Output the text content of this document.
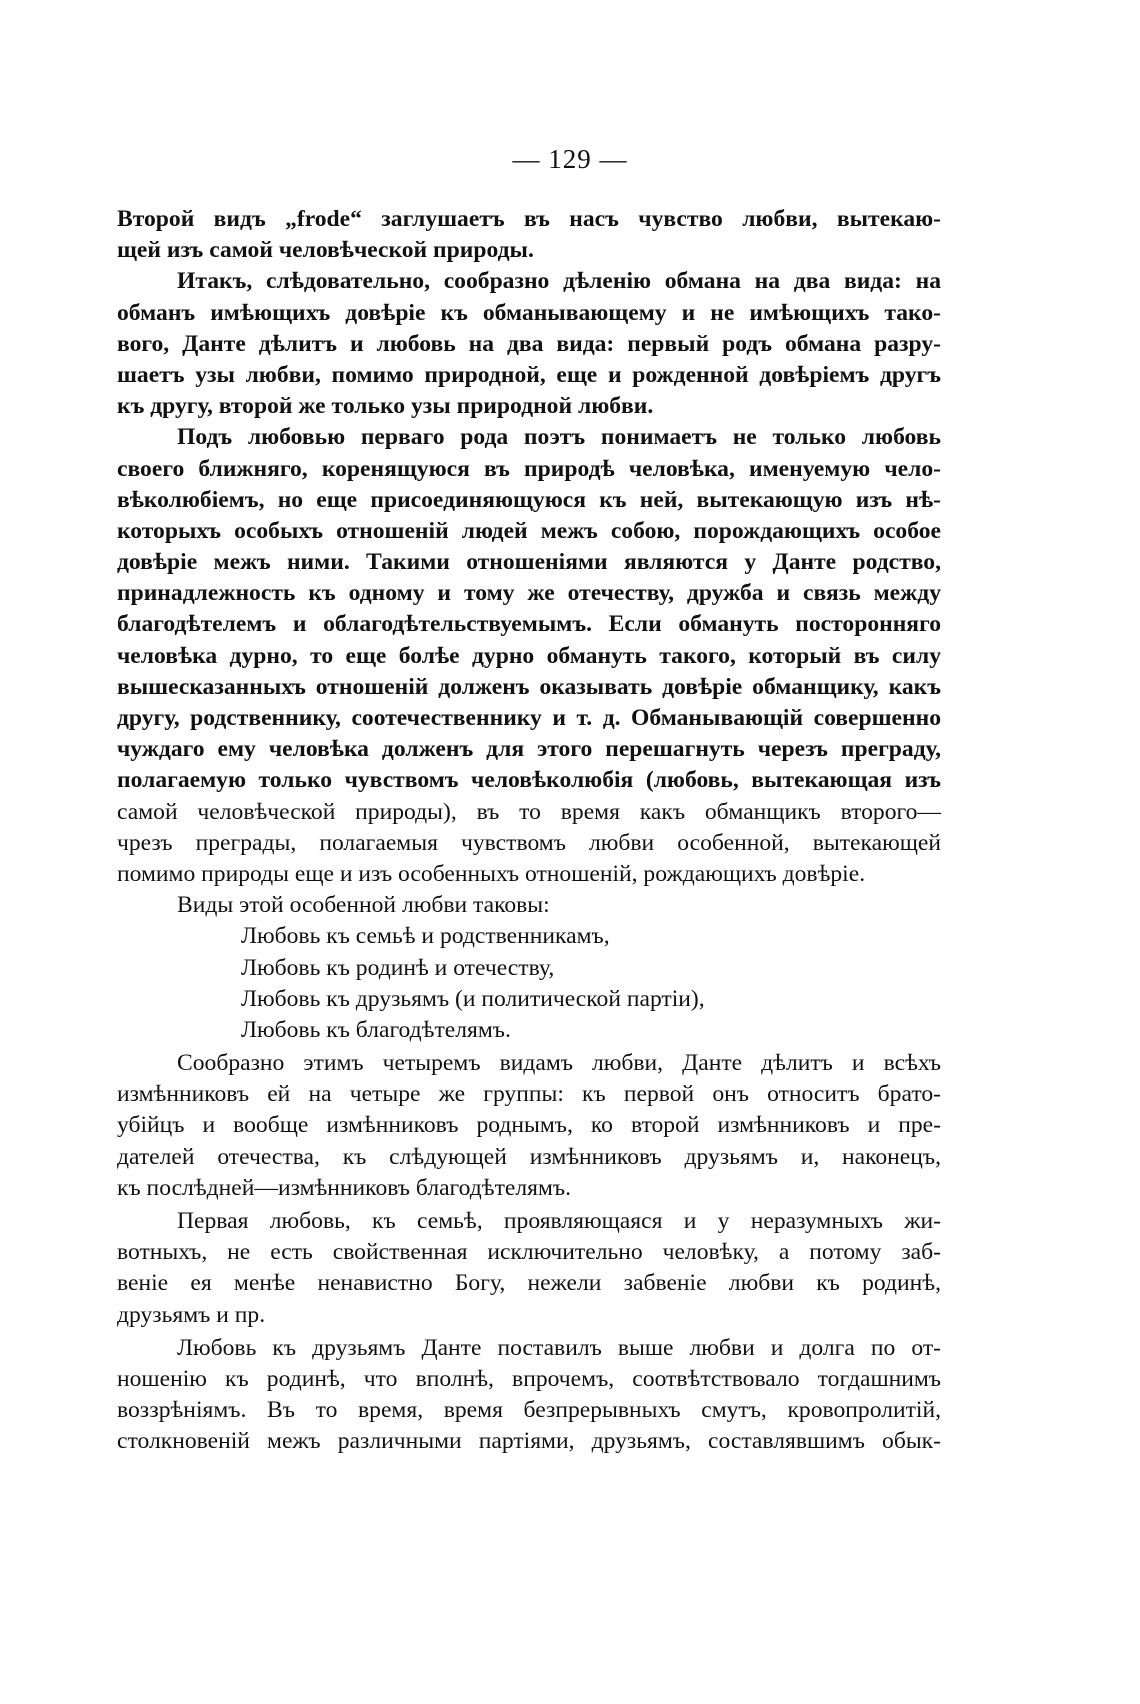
— 129 —
Второй видъ „frode“ заглушаетъ въ насъ чувство любви, вытекаю-
щей изъ самой человѣческой природы.
Итакъ, слѣдовательно, сообразно дѣленію обмана на два вида: на
обманъ имѣющихъ довѣріе къ обманывающему и не имѣющихъ тако-
вого, Данте дѣлитъ и любовь на два вида: первый родъ обмана разру-
шаетъ узы любви, помимо природной, еще и рожденной довѣріемъ другъ
къ другу, второй же только узы природной любви.
Подъ любовью перваго рода поэтъ понимаетъ не только любовь
своего ближняго, коренящуюся въ природѣ человѣка, именуемую чело-
вѣколюбіемъ, но еще присоединяющуюся къ ней, вытекающую изъ нѣ-
которыхъ особыхъ отношеній людей межъ собою, порождающихъ особое
довѣріе межъ ними. Такими отношеніями являются у Данте родство,
принадлежность къ одному и тому же отечеству, дружба и связь между
благодѣтелемъ и облагодѣтельствуемымъ. Если обмануть посторонняго
человѣка дурно, то еще болѣе дурно обмануть такого, который въ силу
вышесказанныхъ отношеній долженъ оказывать довѣріе обманщику, какъ
другу, родственнику, соотечественнику и т. д. Обманывающій совершенно
чуждаго ему человѣка долженъ для этого перешагнуть черезъ преграду,
полагаемую только чувствомъ человѣколюбія (любовь, вытекающая изъ
самой человѣческой природы), въ то время какъ обманщикъ второго—
чрезъ преграды, полагаемыя чувствомъ любви особенной, вытекающей
помимо природы еще и изъ особенныхъ отношеній, рождающихъ довѣріе.
Виды этой особенной любви таковы:
Любовь къ семьѣ и родственникамъ,
Любовь къ родинѣ и отечеству,
Любовь къ друзьямъ (и политической партіи),
Любовь къ благодѣтелямъ.
Сообразно этимъ четыремъ видамъ любви, Данте дѣлитъ и всѣхъ
измѣнниковъ ей на четыре же группы: къ первой онъ относитъ брато-
убійцъ и вообще измѣнниковъ роднымъ, ко второй измѣнниковъ и пре-
дателей отечества, къ слѣдующей измѣнниковъ друзьямъ и, наконецъ,
къ послѣдней—измѣнниковъ благодѣтелямъ.
Первая любовь, къ семьѣ, проявляющаяся и у неразумныхъ жи-
вотныхъ, не есть свойственная исключительно человѣку, а потому заб-
веніе ея менѣе ненавистно Богу, нежели забвеніе любви къ родинѣ,
друзьямъ и пр.
Любовь къ друзьямъ Данте поставилъ выше любви и долга по от-
ношенію къ родинѣ, что вполнѣ, впрочемъ, соотвѣтствовало тогдашнимъ
воззрѣніямъ. Въ то время, время безпрерывныхъ смутъ, кровопролитій,
столкновеній межъ различными партіями, друзьямъ, составлявшимъ обык-
